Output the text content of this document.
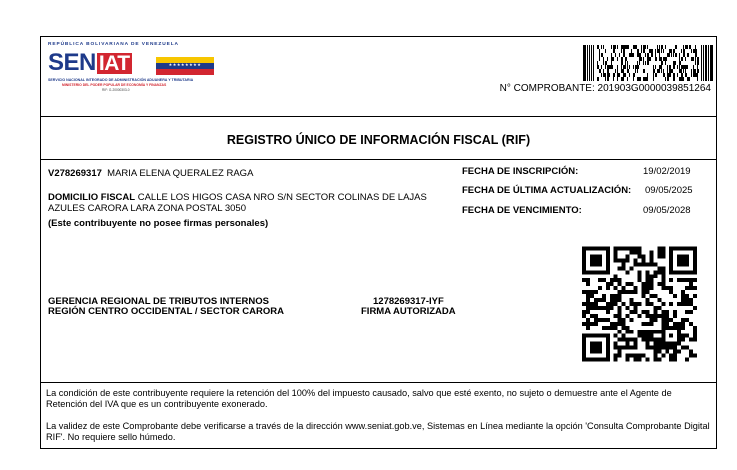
REPÚBLICA BOLIVARIANA DE VENEZUELA
SEN IAT	★★★★★★★★
SERVICIO NACIONAL INTEGRADO DE ADMINISTRACIÓN ADUANERA Y TRIBUTARIA
MINISTERIO DEL PODER POPULAR DE ECONOMÍA Y FINANZAS
RIF: G-20000303-0	N° COMPROBANTE: 201903G0000039851264
REGISTRO ÚNICO DE INFORMACIÓN FISCAL (RIF)
V278269317 MARIA ELENA QUERALEZ RAGA
DOMICILIO FISCAL CALLE LOS HIGOS CASA NRO S/N SECTOR COLINAS DE LAJAS AZULES CARORA LARA ZONA POSTAL 3050
(Este contribuyente no posee firmas personales)
FECHA DE INSCRIPCIÓN:	19/02/2019
FECHA DE ÚLTIMA ACTUALIZACIÓN: 09/05/2025
FECHA DE VENCIMIENTO:	09/05/2028
GERENCIA REGIONAL DE TRIBUTOS INTERNOS
REGIÓN CENTRO OCCIDENTAL / SECTOR CARORA
1278269317-IYF
FIRMA AUTORIZADA
La condición de este contribuyente requiere la retención del 100% del impuesto causado, salvo que esté exento, no sujeto o demuestre ante el Agente de Retención del IVA que es un contribuyente exonerado.
La validez de este Comprobante debe verificarse a través de la dirección www.seniat.gob.ve, Sistemas en Línea mediante la opción 'Consulta Comprobante Digital RIF'. No requiere sello húmedo.
